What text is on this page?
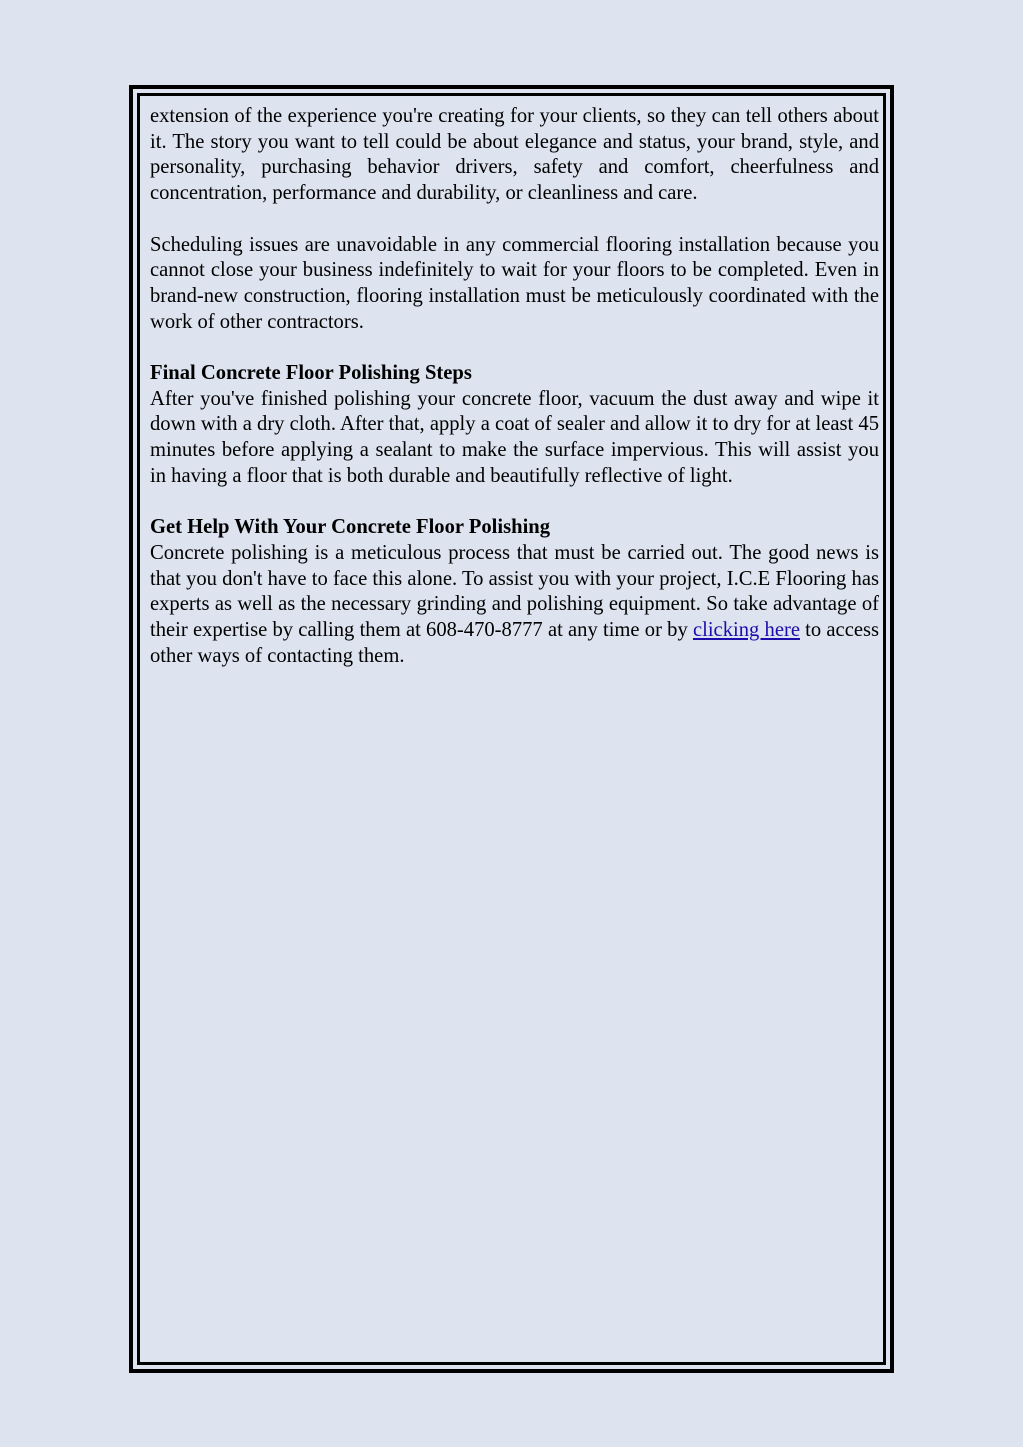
extension of the experience you're creating for your clients, so they can tell others about it. The story you want to tell could be about elegance and status, your brand, style, and personality, purchasing behavior drivers, safety and comfort, cheerfulness and concentration, performance and durability, or cleanliness and care.

Scheduling issues are unavoidable in any commercial flooring installation because you cannot close your business indefinitely to wait for your floors to be completed. Even in brand-new construction, flooring installation must be meticulously coordinated with the work of other contractors.

Final Concrete Floor Polishing Steps

After you've finished polishing your concrete floor, vacuum the dust away and wipe it down with a dry cloth. After that, apply a coat of sealer and allow it to dry for at least 45 minutes before applying a sealant to make the surface impervious. This will assist you in having a floor that is both durable and beautifully reflective of light.

Get Help With Your Concrete Floor Polishing

Concrete polishing is a meticulous process that must be carried out. The good news is that you don't have to face this alone. To assist you with your project, I.C.E Flooring has experts as well as the necessary grinding and polishing equipment. So take advantage of their expertise by calling them at 608-470-8777 at any time or by clicking here to access other ways of contacting them.
